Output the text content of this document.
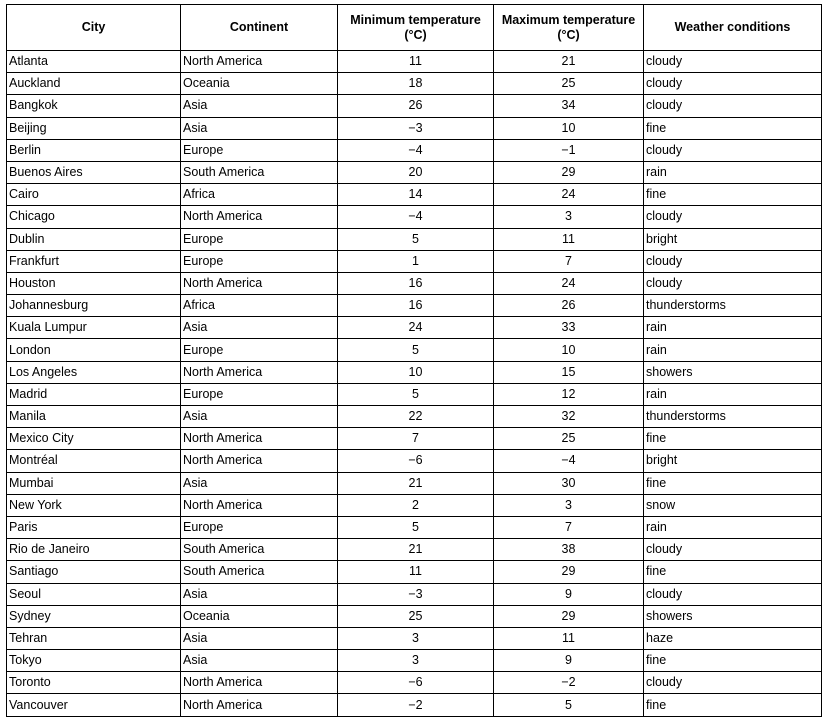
City	Continent	Minimum temperature (°C)	Maximum temperature (°C)	Weather conditions
Atlanta	North America	11	21	cloudy
Auckland	Oceania	18	25	cloudy
Bangkok	Asia	26	34	cloudy
Beijing	Asia	−3	10	fine
Berlin	Europe	−4	−1	cloudy
Buenos Aires	South America	20	29	rain
Cairo	Africa	14	24	fine
Chicago	North America	−4	3	cloudy
Dublin	Europe	5	11	bright
Frankfurt	Europe	1	7	cloudy
Houston	North America	16	24	cloudy
Johannesburg	Africa	16	26	thunderstorms
Kuala Lumpur	Asia	24	33	rain
London	Europe	5	10	rain
Los Angeles	North America	10	15	showers
Madrid	Europe	5	12	rain
Manila	Asia	22	32	thunderstorms
Mexico City	North America	7	25	fine
Montréal	North America	−6	−4	bright
Mumbai	Asia	21	30	fine
New York	North America	2	3	snow
Paris	Europe	5	7	rain
Rio de Janeiro	South America	21	38	cloudy
Santiago	South America	11	29	fine
Seoul	Asia	−3	9	cloudy
Sydney	Oceania	25	29	showers
Tehran	Asia	3	11	haze
Tokyo	Asia	3	9	fine
Toronto	North America	−6	−2	cloudy
Vancouver	North America	−2	5	fine
